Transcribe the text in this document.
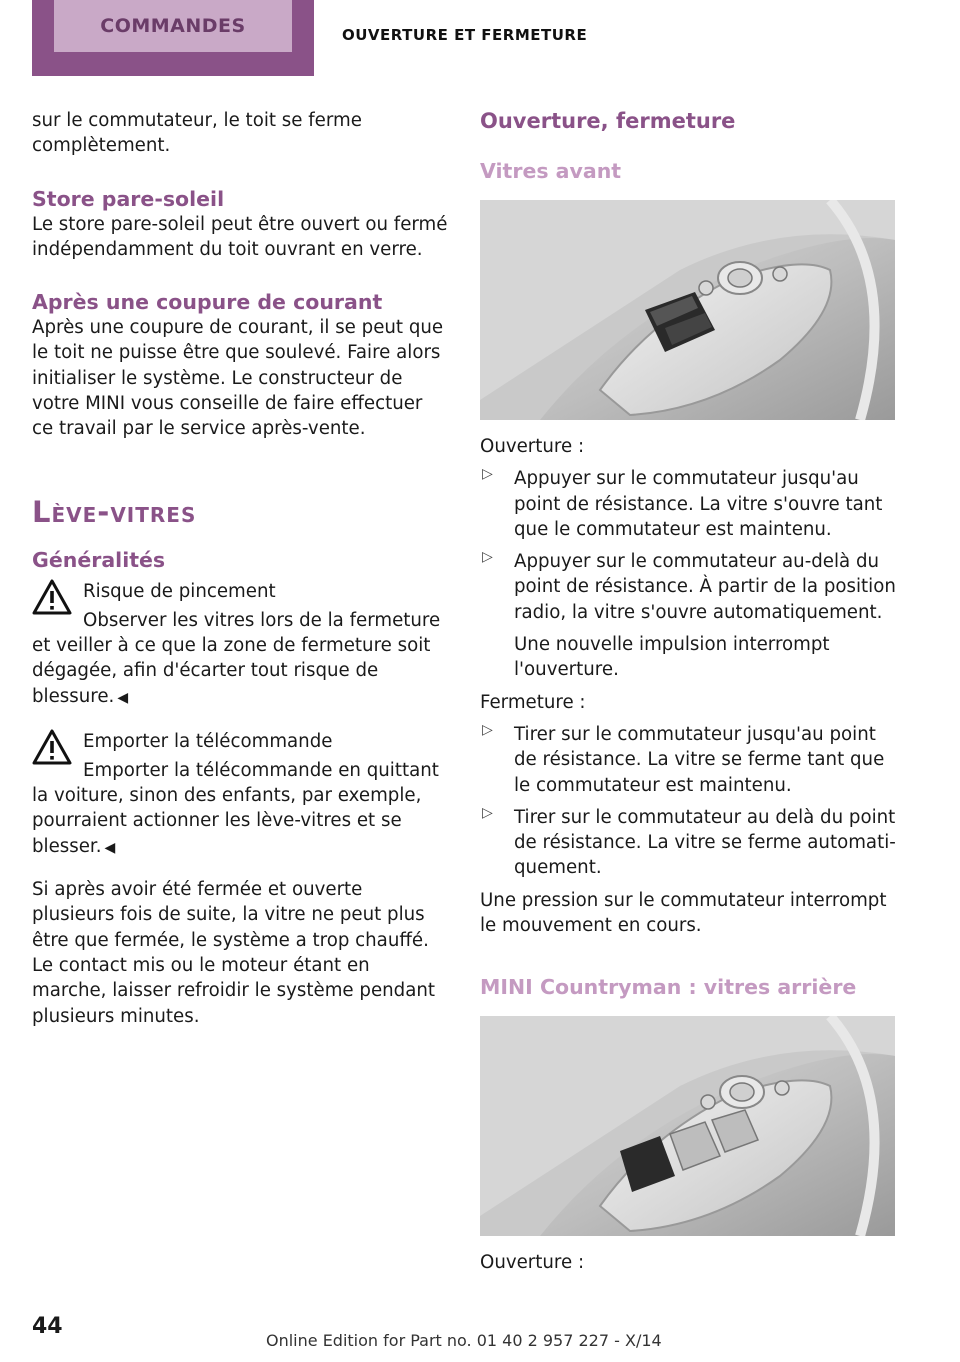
COMMANDES	OUVERTURE ET FERMETURE

sur le commutateur, le toit se ferme complètement.

Store pare-soleil

Le store pare-soleil peut être ouvert ou fermé indépendamment du toit ouvrant en verre.

Après une coupure de courant

Après une coupure de courant, il se peut que le toit ne puisse être que soulevé. Faire alors initialiser le système. Le constructeur de votre MINI vous conseille de faire effectuer ce travail par le service après-vente.

Lève-vitres
Généralités

Risque de pincement

Observer les vitres lors de la fermeture et veiller à ce que la zone de fermeture soit dégagée, afin d'écarter tout risque de blessure. ◀

Emporter la télécommande

Emporter la télécommande en quittant la voiture, sinon des enfants, par exemple, pourraient actionner les lève-vitres et se blesser. ◀

Si après avoir été fermée et ouverte plusieurs fois de suite, la vitre ne peut plus être que fermée, le système a trop chauffé. Le contact mis ou le moteur étant en marche, laisser refroidir le système pendant plusieurs minutes.

Ouverture, fermeture
Vitres avant

Ouverture :

▷ Appuyer sur le commutateur jusqu'au point de résistance. La vitre s'ouvre tant que le commutateur est maintenu.

▷ Appuyer sur le commutateur au-delà du point de résistance. À partir de la position radio, la vitre s'ouvre automatiquement.

Une nouvelle impulsion interrompt l'ouverture.

Fermeture :

▷ Tirer sur le commutateur jusqu'au point de résistance. La vitre se ferme tant que le commutateur est maintenu.

▷ Tirer sur le commutateur au delà du point de résistance. La vitre se ferme automatiquement.

Une pression sur le commutateur interrompt le mouvement en cours.

MINI Countryman : vitres arrière

Ouverture :

44
Online Edition for Part no. 01 40 2 957 227 - X/14
